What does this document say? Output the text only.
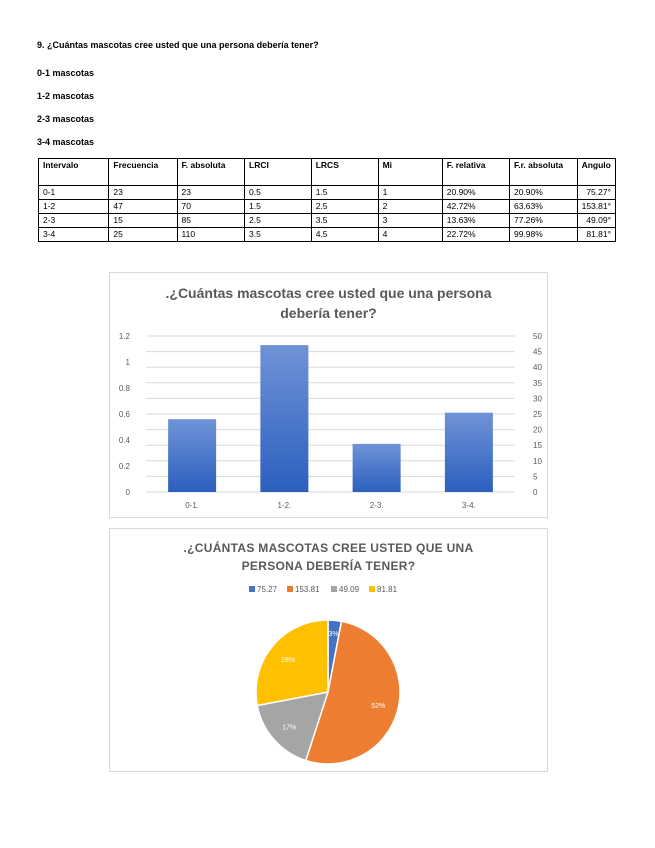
9. ¿Cuántas mascotas cree usted que una persona debería tener?
0-1 mascotas
1-2 mascotas
2-3 mascotas
3-4 mascotas
Intervalo	Frecuencia	F. absoluta	LRCI	LRCS	Mi	F. relativa	F.r. absoluta	Angulo
0-1	23	23	0.5	1.5	1	20.90%	20.90%	75.27°
1-2	47	70	1.5	2.5	2	42.72%	63.63%	153.81°
2-3	15	85	2.5	3.5	3	13.63%	77.26%	49.09°
3-4	25	110	3.5	4.5	4	22.72%	99.98%	81.81°
.¿Cuántas mascotas cree usted que una persona
debería tener?
0
5
10
15
20
25
30
35
40
45
50
0
0.2
0.4
0.6
0.8
1
1.2
0-1.	1-2.	2-3.	3-4.
.¿CUÁNTAS MASCOTAS CREE USTED QUE UNA
PERSONA DEBERÍA TENER?
75.27 153.81 49.09 81.81
3%
52%
17%
28%
